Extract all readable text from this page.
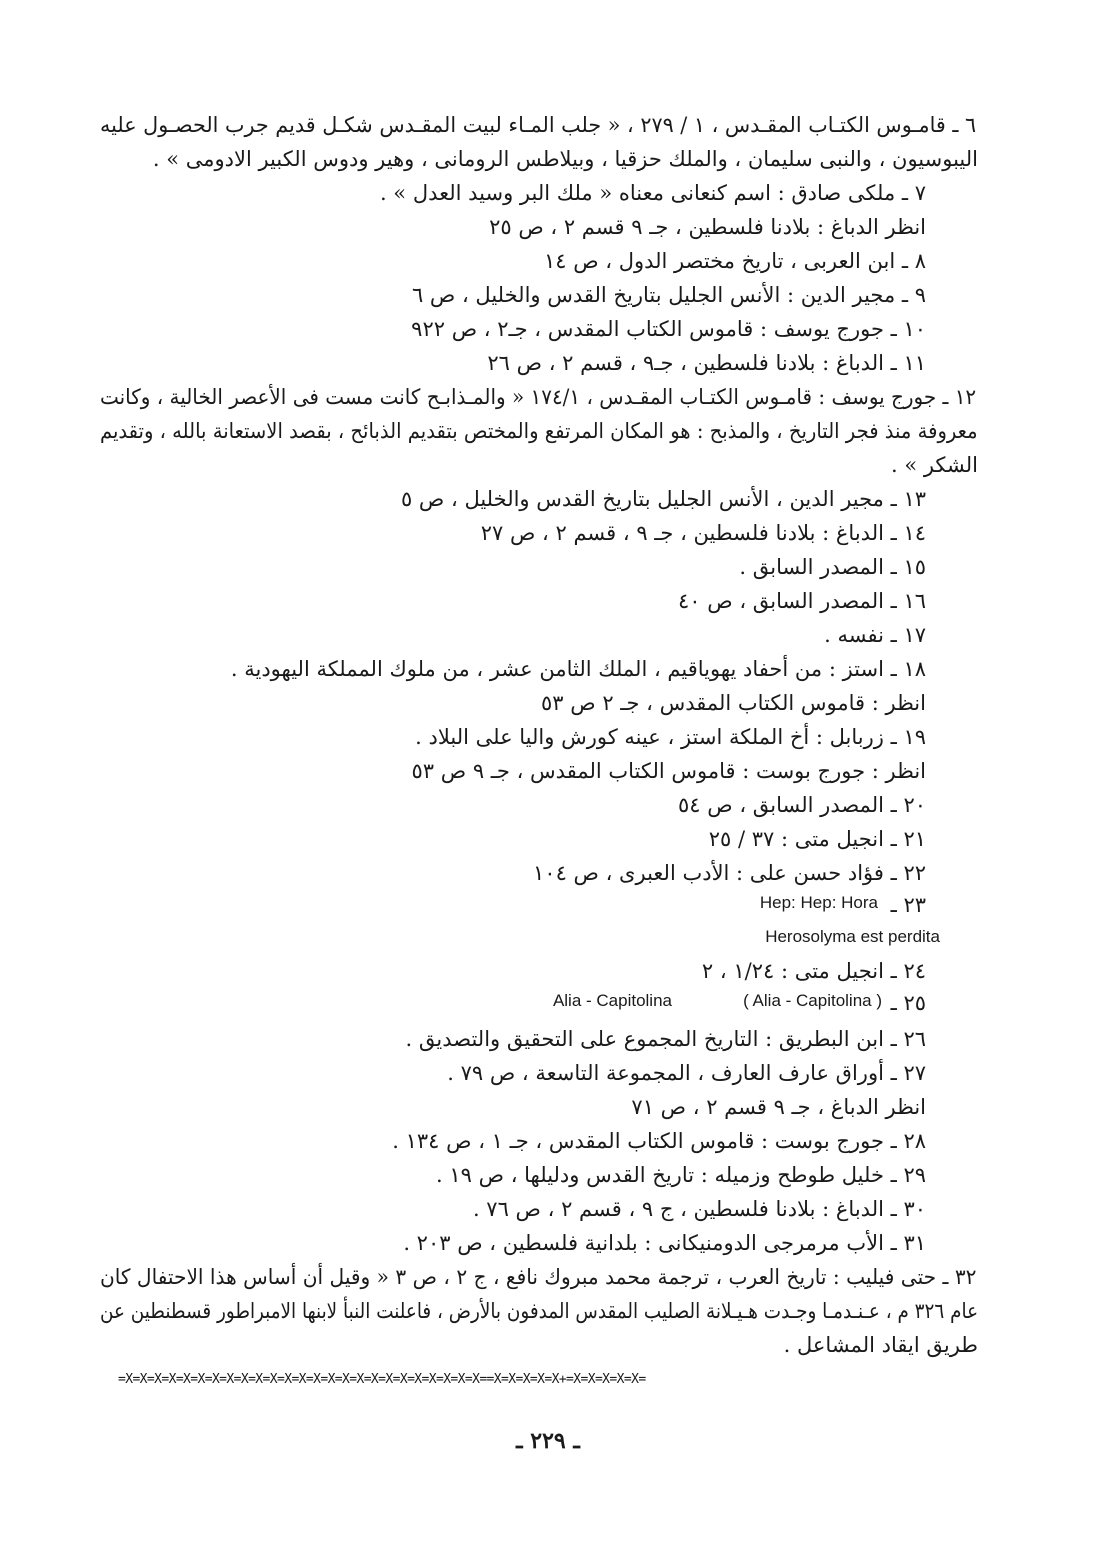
٦ ـ قامـوس الكتـاب المقـدس ، ١ / ٢٧٩ ، « جلب المـاء لبيت المقـدس شكـل قديم جرب الحصـول عليه
اليبوسيون ، والنبى سليمان ، والملك حزقيا ، وبيلاطس الرومانى ، وهير ودوس الكبير الادومى » .
٧ ـ ملكى صادق : اسم كنعانى معناه « ملك البر وسيد العدل » .
انظر الدباغ : بلادنا فلسطين ، جـ ٩ قسم ٢ ، ص ٢٥
٨ ـ ابن العربى ، تاريخ مختصر الدول ، ص ١٤
٩ ـ مجير الدين : الأنس الجليل بتاريخ القدس والخليل ، ص ٦
١٠ ـ جورج يوسف : قاموس الكتاب المقدس ، جـ٢ ، ص ٩٢٢
١١ ـ الدباغ : بلادنا فلسطين ، جـ٩ ، قسم ٢ ، ص ٢٦
١٢ ـ جورج يوسف : قامـوس الكتـاب المقـدس ، ١٧٤/١ « والمـذابـح كانت مست فى الأعصر الخالية ، وكانت
معروفة منذ فجر التاريخ ، والمذبح : هو المكان المرتفع والمختص بتقديم الذبائح ، بقصد الاستعانة بالله ، وتقديم
الشكر » .
١٣ ـ مجير الدين ، الأنس الجليل بتاريخ القدس والخليل ، ص ٥
١٤ ـ الدباغ : بلادنا فلسطين ، جـ ٩ ، قسم ٢ ، ص ٢٧
١٥ ـ المصدر السابق .
١٦ ـ المصدر السابق ، ص ٤٠
١٧ ـ نفسه .
١٨ ـ استز : من أحفاد يهوياقيم ، الملك الثامن عشر ، من ملوك المملكة اليهودية .
انظر : قاموس الكتاب المقدس ، جـ ٢ ص ٥٣
١٩ ـ زربابل : أخ الملكة استز ، عينه كورش واليا على البلاد .
انظر : جورج بوست : قاموس الكتاب المقدس ، جـ ٩ ص ٥٣
٢٠ ـ المصدر السابق ، ص ٥٤
٢١ ـ انجيل متى : ٣٧ / ٢٥
٢٢ ـ فؤاد حسن على : الأدب العبرى ، ص ١٠٤
٢٣ ـ
Hep: Hep: Hora
Herosolyma est perdita
٢٤ ـ انجيل متى : ١/٢٤ ، ٢
٢٥ ـ
( Alia - Capitolina )
Alia - Capitolina
٢٦ ـ ابن البطريق : التاريخ المجموع على التحقيق والتصديق .
٢٧ ـ أوراق عارف العارف ، المجموعة التاسعة ، ص ٧٩ .
انظر الدباغ ، جـ ٩ قسم ٢ ، ص ٧١
٢٨ ـ جورج بوست : قاموس الكتاب المقدس ، جـ ١ ، ص ١٣٤ .
٢٩ ـ خليل طوطح وزميله : تاريخ القدس ودليلها ، ص ١٩ .
٣٠ ـ الدباغ : بلادنا فلسطين ، ج ٩ ، قسم ٢ ، ص ٧٦ .
٣١ ـ الأب مرمرجى الدومنيكانى : بلدانية فلسطين ، ص ٢٠٣ .
٣٢ ـ حتى فيليب : تاريخ العرب ، ترجمة محمد مبروك نافع ، ج ٢ ، ص ٣ « وقيل أن أساس هذا الاحتفال كان
عام ٣٢٦ م ، عـنـدمـا وجـدت هـيـلانة الصليب المقدس المدفون بالأرض ، فاعلنت النبأ لابنها الامبراطور قسطنطين عن
طريق ايقاد المشاعل .
=X=X=X=X=X=X=X=X=X=X=X=X=X=X=X=X=X=X=X=X=X=X=X=X=X==X=X=X=X=X+=X=X=X=X=X=
ـ ٢٢٩ ـ
